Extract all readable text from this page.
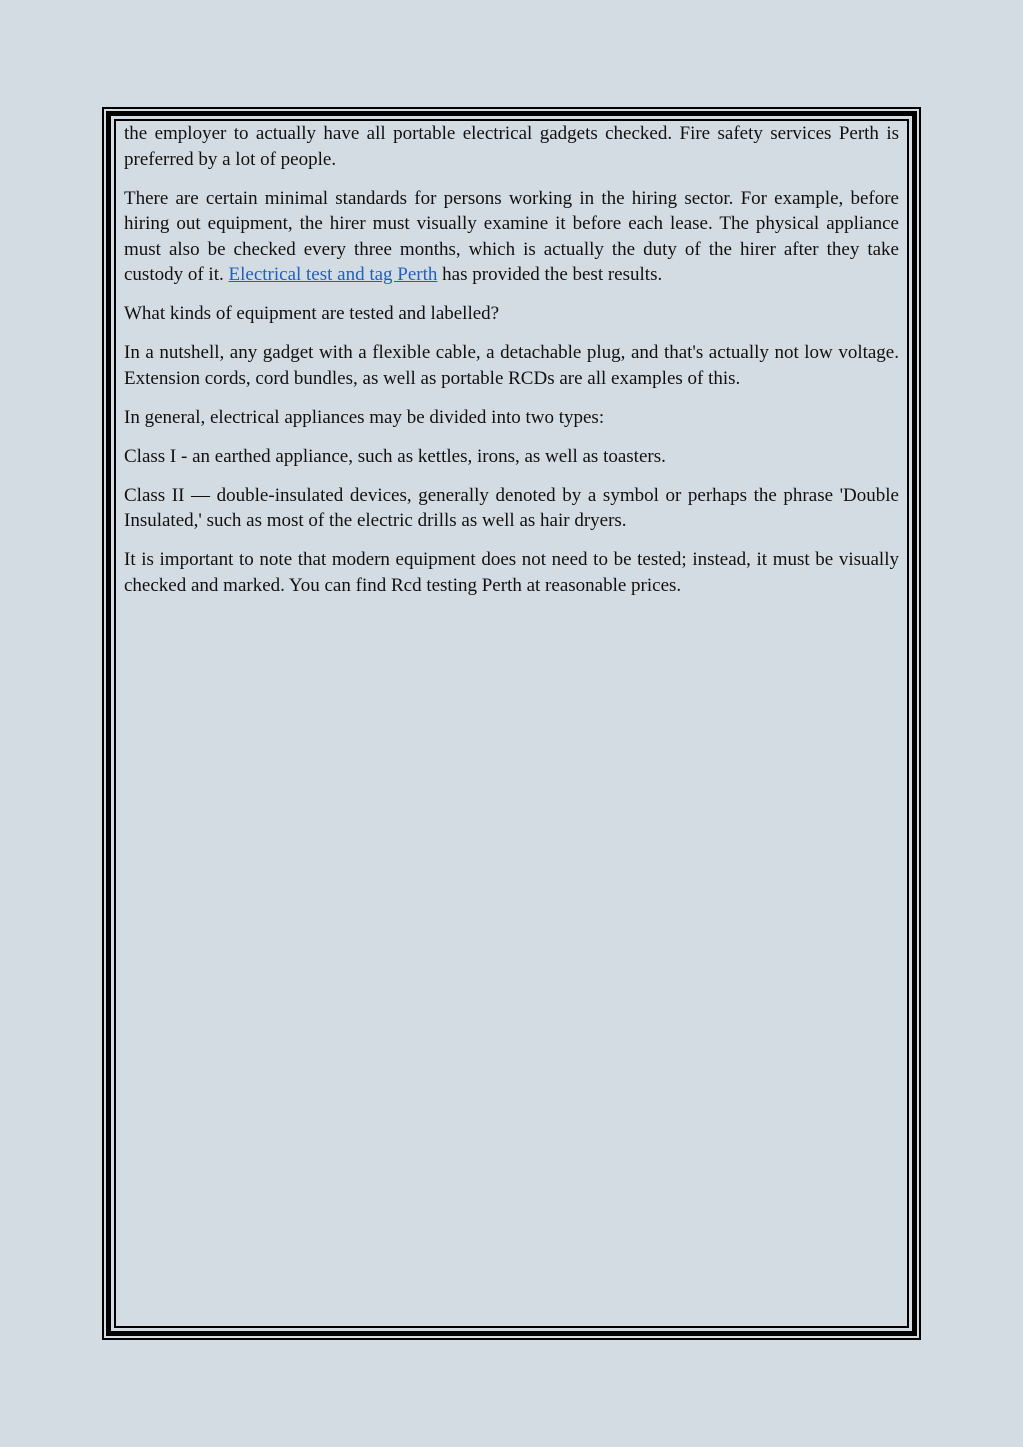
the employer to actually have all portable electrical gadgets checked. Fire safety services Perth is preferred by a lot of people.

There are certain minimal standards for persons working in the hiring sector. For example, before hiring out equipment, the hirer must visually examine it before each lease. The physical appliance must also be checked every three months, which is actually the duty of the hirer after they take custody of it. Electrical test and tag Perth has provided the best results.

What kinds of equipment are tested and labelled?

In a nutshell, any gadget with a flexible cable, a detachable plug, and that's actually not low voltage. Extension cords, cord bundles, as well as portable RCDs are all examples of this.

In general, electrical appliances may be divided into two types:

Class I - an earthed appliance, such as kettles, irons, as well as toasters.

Class II — double-insulated devices, generally denoted by a symbol or perhaps the phrase 'Double Insulated,' such as most of the electric drills as well as hair dryers.

It is important to note that modern equipment does not need to be tested; instead, it must be visually checked and marked. You can find Rcd testing Perth at reasonable prices.
